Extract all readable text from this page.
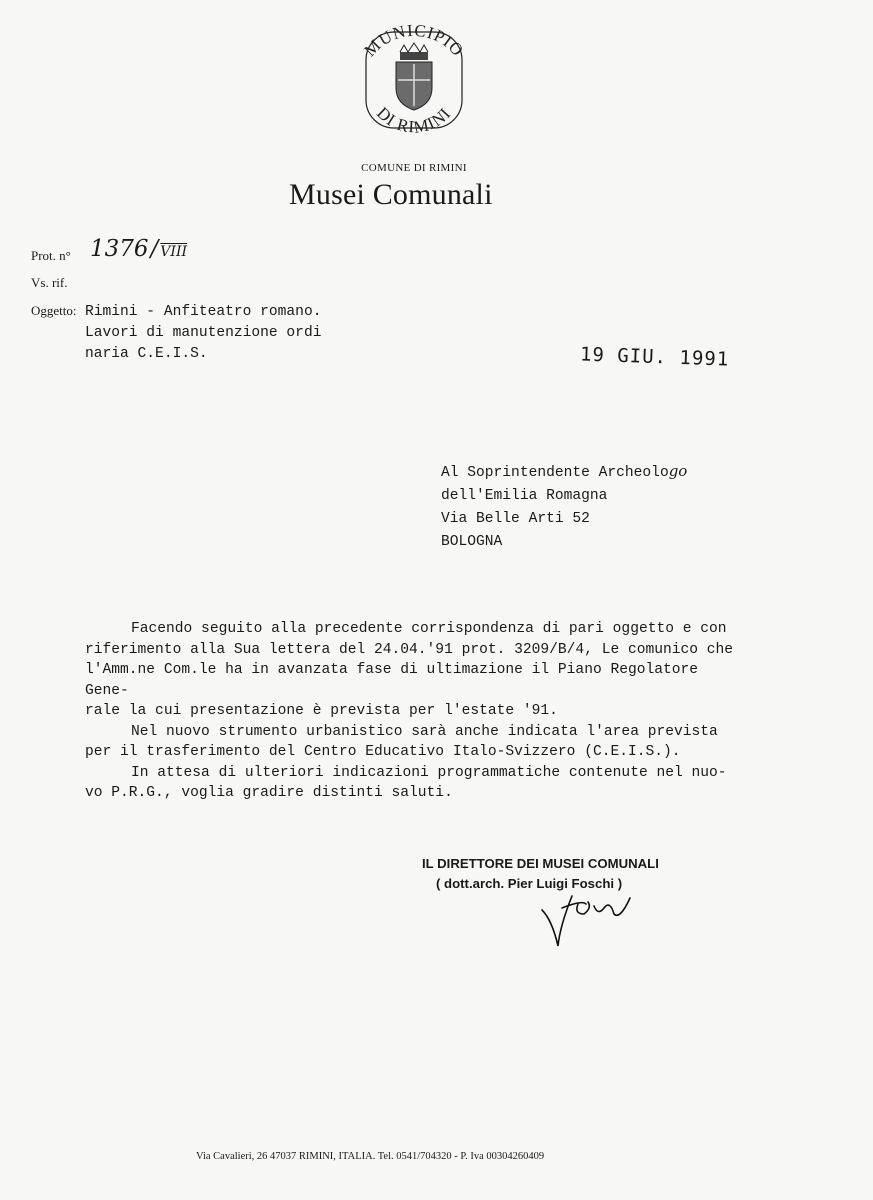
MUNICIPIO
DI RIMINI
COMUNE DI RIMINI
Musei Comunali
Prot. n° 1376/ VIII
Vs. rif.
Oggetto: Rimini - Anfiteatro romano.
Lavori di manutenzione ordi
naria C.E.I.S.	19 GIU. 1991
Al Soprintendente Archeologo
dell'Emilia Romagna
Via Belle Arti 52
BOLOGNA

Facendo seguito alla precedente corrispondenza di pari oggetto e con

riferimento alla Sua lettera del 24.04.'91 prot. 3209/B/4, Le comunico che

l'Amm.ne Com.le ha in avanzata fase di ultimazione il Piano Regolatore Gene-

rale la cui presentazione è prevista per l'estate '91.

Nel nuovo strumento urbanistico sarà anche indicata l'area prevista

per il trasferimento del Centro Educativo Italo-Svizzero (C.E.I.S.).

In attesa di ulteriori indicazioni programmatiche contenute nel nuo-

vo P.R.G., voglia gradire distinti saluti.

IL DIRETTORE DEI MUSEI COMUNALI
( dott.arch. Pier Luigi Foschi )
Via Cavalieri, 26 47037 RIMINI, ITALIA. Tel. 0541/704320 - P. Iva 00304260409
